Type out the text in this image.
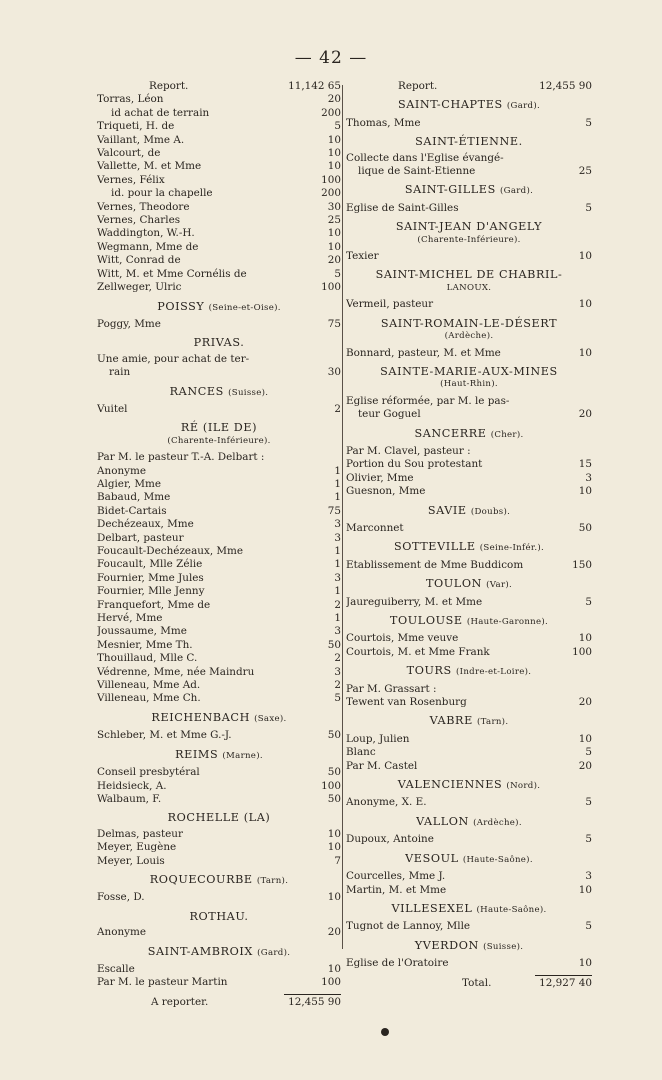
— 42 —
Report.	11,142 65
Torras, Léon	20
id achat de terrain	200
Triqueti, H. de	5
Vaillant, Mme A.	10
Valcourt, de	10
Vallette, M. et Mme	10
Vernes, Félix	100
id. pour la chapelle	200
Vernes, Theodore	30
Vernes, Charles	25
Waddington, W.-H.	10
Wegmann, Mme de	10
Witt, Conrad de	20
Witt, M. et Mme Cornélis de	5
Zellweger, Ulric	100
POISSY (Seine-et-Oise).
Poggy, Mme	75
PRIVAS.
Une amie, pour achat de ter-
rain	30
RANCES (Suisse).
Vuitel	2
RÉ (ILE DE)
(Charente-Inférieure).
Par M. le pasteur T.-A. Delbart :
Anonyme	1
Algier, Mme	1
Babaud, Mme	1
Bidet-Cartais	75
Dechézeaux, Mme	3
Delbart, pasteur	3
Foucault-Dechézeaux, Mme	1
Foucault, Mlle Zélie	1
Fournier, Mme Jules	3
Fournier, Mlle Jenny	1
Franquefort, Mme de	2
Hervé, Mme	1
Joussaume, Mme	3
Mesnier, Mme Th.	50
Thouillaud, Mlle C.	2
Védrenne, Mme, née Maindru	3
Villeneau, Mme Ad.	2
Villeneau, Mme Ch.	5
REICHENBACH (Saxe).
Schleber, M. et Mme G.-J.	50
REIMS (Marne).
Conseil presbytéral	50
Heidsieck, A.	100
Walbaum, F.	50
ROCHELLE (LA)
Delmas, pasteur	10
Meyer, Eugène	10
Meyer, Louis	7
ROQUECOURBE (Tarn).
Fosse, D.	10
ROTHAU.
Anonyme	20
SAINT-AMBROIX (Gard).
Escalle	10
Par M. le pasteur Martin	100
A reporter.	12,455 90
Report.	12,455 90
SAINT-CHAPTES (Gard).
Thomas, Mme	5
SAINT-ÉTIENNE.
Collecte dans l'Eglise évangé-
lique de Saint-Etienne	25
SAINT-GILLES (Gard).
Eglise de Saint-Gilles	5
SAINT-JEAN D'ANGELY
(Charente-Inférieure).
Texier	10
SAINT-MICHEL DE CHABRIL-
LANOUX.
Vermeil, pasteur	10
SAINT-ROMAIN-LE-DÉSERT
(Ardèche).
Bonnard, pasteur, M. et Mme	10
SAINTE-MARIE-AUX-MINES
(Haut-Rhin).
Eglise réformée, par M. le pas-
teur Goguel	20
SANCERRE (Cher).
Par M. Clavel, pasteur :
Portion du Sou protestant	15
Olivier, Mme	3
Guesnon, Mme	10
SAVIE (Doubs).
Marconnet	50
SOTTEVILLE (Seine-Infér.).
Etablissement de Mme Buddicom	150
TOULON (Var).
Jaureguiberry, M. et Mme	5
TOULOUSE (Haute-Garonne).
Courtois, Mme veuve	10
Courtois, M. et Mme Frank	100
TOURS (Indre-et-Loire).
Par M. Grassart :
Tewent van Rosenburg	20
VABRE (Tarn).
Loup, Julien	10
Blanc	5
Par M. Castel	20
VALENCIENNES (Nord).
Anonyme, X. E.	5
VALLON (Ardèche).
Dupoux, Antoine	5
VESOUL (Haute-Saône).
Courcelles, Mme J.	3
Martin, M. et Mme	10
VILLESEXEL (Haute-Saône).
Tugnot de Lannoy, Mlle	5
YVERDON (Suisse).
Eglise de l'Oratoire	10
Total.	12,927 40
